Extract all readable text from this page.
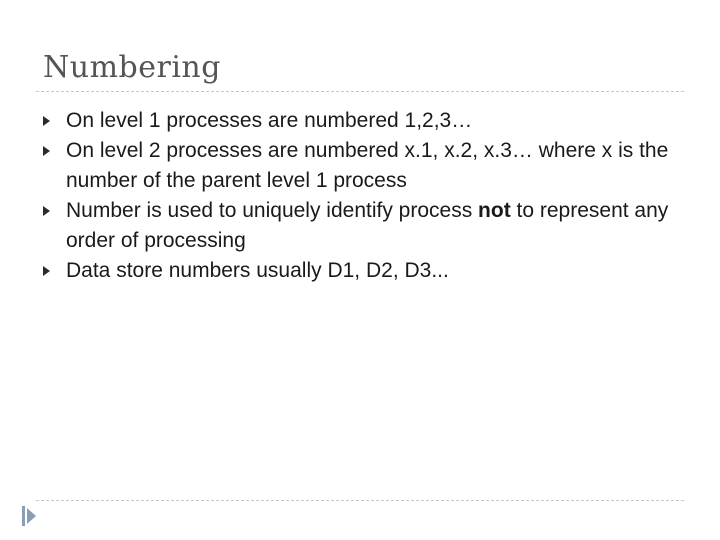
Numbering
On level 1 processes are numbered 1,2,3…
On level 2 processes are numbered x.1, x.2, x.3… where x is the number of the parent level 1 process
Number is used to uniquely identify process not to represent any order of processing
Data store numbers usually D1, D2, D3...
